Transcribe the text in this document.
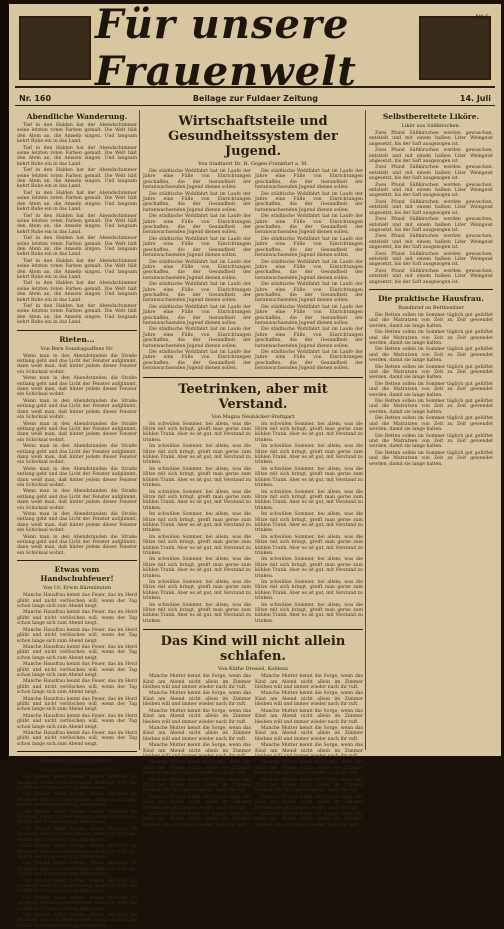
Für unsere Frauenwelt
NILS
Nr. 160	Beilage zur Fuldaer Zeitung	14. Juli
Abendliche Wanderung.

Tief in den Halden hat der Abendschimmer seine letzten roten Farben gemalt. Die Welt hält den Atem an, die Amseln singen. Und langsam kehrt Ruhe ein in das Land.

Tief in den Halden hat der Abendschimmer seine letzten roten Farben gemalt. Die Welt hält den Atem an, die Amseln singen. Und langsam kehrt Ruhe ein in das Land.

Tief in den Halden hat der Abendschimmer seine letzten roten Farben gemalt. Die Welt hält den Atem an, die Amseln singen. Und langsam kehrt Ruhe ein in das Land.

Tief in den Halden hat der Abendschimmer seine letzten roten Farben gemalt. Die Welt hält den Atem an, die Amseln singen. Und langsam kehrt Ruhe ein in das Land.

Tief in den Halden hat der Abendschimmer seine letzten roten Farben gemalt. Die Welt hält den Atem an, die Amseln singen. Und langsam kehrt Ruhe ein in das Land.

Tief in den Halden hat der Abendschimmer seine letzten roten Farben gemalt. Die Welt hält den Atem an, die Amseln singen. Und langsam kehrt Ruhe ein in das Land.

Tief in den Halden hat der Abendschimmer seine letzten roten Farben gemalt. Die Welt hält den Atem an, die Amseln singen. Und langsam kehrt Ruhe ein in das Land.

Tief in den Halden hat der Abendschimmer seine letzten roten Farben gemalt. Die Welt hält den Atem an, die Amseln singen. Und langsam kehrt Ruhe ein in das Land.

Tief in den Halden hat der Abendschimmer seine letzten roten Farben gemalt. Die Welt hält den Atem an, die Amseln singen. Und langsam kehrt Ruhe ein in das Land.

Rieten...
Von Bern Sonntagsaffens Nr.

Wenn man in den Abendstunden die Straße entlang geht und das Licht der Fenster aufglimmt, dann weiß man, daß hinter jedem dieser Fenster ein Schicksal wohnt.

Wenn man in den Abendstunden die Straße entlang geht und das Licht der Fenster aufglimmt, dann weiß man, daß hinter jedem dieser Fenster ein Schicksal wohnt.

Wenn man in den Abendstunden die Straße entlang geht und das Licht der Fenster aufglimmt, dann weiß man, daß hinter jedem dieser Fenster ein Schicksal wohnt.

Wenn man in den Abendstunden die Straße entlang geht und das Licht der Fenster aufglimmt, dann weiß man, daß hinter jedem dieser Fenster ein Schicksal wohnt.

Wenn man in den Abendstunden die Straße entlang geht und das Licht der Fenster aufglimmt, dann weiß man, daß hinter jedem dieser Fenster ein Schicksal wohnt.

Wenn man in den Abendstunden die Straße entlang geht und das Licht der Fenster aufglimmt, dann weiß man, daß hinter jedem dieser Fenster ein Schicksal wohnt.

Wenn man in den Abendstunden die Straße entlang geht und das Licht der Fenster aufglimmt, dann weiß man, daß hinter jedem dieser Fenster ein Schicksal wohnt.

Wenn man in den Abendstunden die Straße entlang geht und das Licht der Fenster aufglimmt, dann weiß man, daß hinter jedem dieser Fenster ein Schicksal wohnt.

Wenn man in den Abendstunden die Straße entlang geht und das Licht der Fenster aufglimmt, dann weiß man, daß hinter jedem dieser Fenster ein Schicksal wohnt.

Etwas vom Handschuhfeuer!
Von Ur. Erwin Bärenleuten

Manche Hausfrau kennt das Feuer, das im Herd glüht und nicht verlöschen will, wenn der Tag schon lange sich zum Abend neigt.

Manche Hausfrau kennt das Feuer, das im Herd glüht und nicht verlöschen will, wenn der Tag schon lange sich zum Abend neigt.

Manche Hausfrau kennt das Feuer, das im Herd glüht und nicht verlöschen will, wenn der Tag schon lange sich zum Abend neigt.

Manche Hausfrau kennt das Feuer, das im Herd glüht und nicht verlöschen will, wenn der Tag schon lange sich zum Abend neigt.

Manche Hausfrau kennt das Feuer, das im Herd glüht und nicht verlöschen will, wenn der Tag schon lange sich zum Abend neigt.

Manche Hausfrau kennt das Feuer, das im Herd glüht und nicht verlöschen will, wenn der Tag schon lange sich zum Abend neigt.

Manche Hausfrau kennt das Feuer, das im Herd glüht und nicht verlöschen will, wenn der Tag schon lange sich zum Abend neigt.

Manche Hausfrau kennt das Feuer, das im Herd glüht und nicht verlöschen will, wenn der Tag schon lange sich zum Abend neigt.

Manche Hausfrau kennt das Feuer, das im Herd glüht und nicht verlöschen will, wenn der Tag schon lange sich zum Abend neigt.

Kinder-Aufgaben.
Von Ilse Baumgartner-Beeck

Die Kinder sollen lernen, kleine Arbeiten im Haushalt selbst zu übernehmen, damit sie früh das Gefühl der Verantwortung bekommen.

Die Kinder sollen lernen, kleine Arbeiten im Haushalt selbst zu übernehmen, damit sie früh das Gefühl der Verantwortung bekommen.

Die Kinder sollen lernen, kleine Arbeiten im Haushalt selbst zu übernehmen, damit sie früh das Gefühl der Verantwortung bekommen.

Die Kinder sollen lernen, kleine Arbeiten im Haushalt selbst zu übernehmen, damit sie früh das Gefühl der Verantwortung bekommen.

Die Kinder sollen lernen, kleine Arbeiten im Haushalt selbst zu übernehmen, damit sie früh das Gefühl der Verantwortung bekommen.

Die Kinder sollen lernen, kleine Arbeiten im Haushalt selbst zu übernehmen, damit sie früh das Gefühl der Verantwortung bekommen.

Die Kinder sollen lernen, kleine Arbeiten im Haushalt selbst zu übernehmen, damit sie früh das Gefühl der Verantwortung bekommen.

Die Kinder sollen lernen, kleine Arbeiten im Haushalt selbst zu übernehmen, damit sie früh das Gefühl der Verantwortung bekommen.

Die Kinder sollen lernen, kleine Arbeiten im Haushalt selbst zu übernehmen, damit sie früh das Gefühl der Verantwortung bekommen.

Wirtschaftsteile und Gesundheitssystem der Jugend.
Von Stadtarzt Dr. H. Gogen-Frankfurt a. M.

Die städtische Wohlfahrt hat im Laufe der Jahre eine Fülle von Einrichtungen geschaffen, die der Gesundheit der heranwachsenden Jugend dienen sollen.

Die städtische Wohlfahrt hat im Laufe der Jahre eine Fülle von Einrichtungen geschaffen, die der Gesundheit der heranwachsenden Jugend dienen sollen.

Die städtische Wohlfahrt hat im Laufe der Jahre eine Fülle von Einrichtungen geschaffen, die der Gesundheit der heranwachsenden Jugend dienen sollen.

Die städtische Wohlfahrt hat im Laufe der Jahre eine Fülle von Einrichtungen geschaffen, die der Gesundheit der heranwachsenden Jugend dienen sollen.

Die städtische Wohlfahrt hat im Laufe der Jahre eine Fülle von Einrichtungen geschaffen, die der Gesundheit der heranwachsenden Jugend dienen sollen.

Die städtische Wohlfahrt hat im Laufe der Jahre eine Fülle von Einrichtungen geschaffen, die der Gesundheit der heranwachsenden Jugend dienen sollen.

Die städtische Wohlfahrt hat im Laufe der Jahre eine Fülle von Einrichtungen geschaffen, die der Gesundheit der heranwachsenden Jugend dienen sollen.

Die städtische Wohlfahrt hat im Laufe der Jahre eine Fülle von Einrichtungen geschaffen, die der Gesundheit der heranwachsenden Jugend dienen sollen.

Die städtische Wohlfahrt hat im Laufe der Jahre eine Fülle von Einrichtungen geschaffen, die der Gesundheit der heranwachsenden Jugend dienen sollen.

Die städtische Wohlfahrt hat im Laufe der Jahre eine Fülle von Einrichtungen geschaffen, die der Gesundheit der heranwachsenden Jugend dienen sollen.

Die städtische Wohlfahrt hat im Laufe der Jahre eine Fülle von Einrichtungen geschaffen, die der Gesundheit der heranwachsenden Jugend dienen sollen.

Die städtische Wohlfahrt hat im Laufe der Jahre eine Fülle von Einrichtungen geschaffen, die der Gesundheit der heranwachsenden Jugend dienen sollen.

Die städtische Wohlfahrt hat im Laufe der Jahre eine Fülle von Einrichtungen geschaffen, die der Gesundheit der heranwachsenden Jugend dienen sollen.

Die städtische Wohlfahrt hat im Laufe der Jahre eine Fülle von Einrichtungen geschaffen, die der Gesundheit der heranwachsenden Jugend dienen sollen.

Die städtische Wohlfahrt hat im Laufe der Jahre eine Fülle von Einrichtungen geschaffen, die der Gesundheit der heranwachsenden Jugend dienen sollen.

Die städtische Wohlfahrt hat im Laufe der Jahre eine Fülle von Einrichtungen geschaffen, die der Gesundheit der heranwachsenden Jugend dienen sollen.

Die städtische Wohlfahrt hat im Laufe der Jahre eine Fülle von Einrichtungen geschaffen, die der Gesundheit der heranwachsenden Jugend dienen sollen.

Die städtische Wohlfahrt hat im Laufe der Jahre eine Fülle von Einrichtungen geschaffen, die der Gesundheit der heranwachsenden Jugend dienen sollen.

Teetrinken, aber mit Verstand.
Von Magna Neubäcker-Stuttgart

Im schwülen Sommer, bei allem, was die Hitze mit sich bringt, greift man gerne zum kühlen Trank. Aber es ist gut, mit Verstand zu trinken.

Im schwülen Sommer, bei allem, was die Hitze mit sich bringt, greift man gerne zum kühlen Trank. Aber es ist gut, mit Verstand zu trinken.

Im schwülen Sommer, bei allem, was die Hitze mit sich bringt, greift man gerne zum kühlen Trank. Aber es ist gut, mit Verstand zu trinken.

Im schwülen Sommer, bei allem, was die Hitze mit sich bringt, greift man gerne zum kühlen Trank. Aber es ist gut, mit Verstand zu trinken.

Im schwülen Sommer, bei allem, was die Hitze mit sich bringt, greift man gerne zum kühlen Trank. Aber es ist gut, mit Verstand zu trinken.

Im schwülen Sommer, bei allem, was die Hitze mit sich bringt, greift man gerne zum kühlen Trank. Aber es ist gut, mit Verstand zu trinken.

Im schwülen Sommer, bei allem, was die Hitze mit sich bringt, greift man gerne zum kühlen Trank. Aber es ist gut, mit Verstand zu trinken.

Im schwülen Sommer, bei allem, was die Hitze mit sich bringt, greift man gerne zum kühlen Trank. Aber es ist gut, mit Verstand zu trinken.

Im schwülen Sommer, bei allem, was die Hitze mit sich bringt, greift man gerne zum kühlen Trank. Aber es ist gut, mit Verstand zu trinken.

Im schwülen Sommer, bei allem, was die Hitze mit sich bringt, greift man gerne zum kühlen Trank. Aber es ist gut, mit Verstand zu trinken.

Im schwülen Sommer, bei allem, was die Hitze mit sich bringt, greift man gerne zum kühlen Trank. Aber es ist gut, mit Verstand zu trinken.

Im schwülen Sommer, bei allem, was die Hitze mit sich bringt, greift man gerne zum kühlen Trank. Aber es ist gut, mit Verstand zu trinken.

Im schwülen Sommer, bei allem, was die Hitze mit sich bringt, greift man gerne zum kühlen Trank. Aber es ist gut, mit Verstand zu trinken.

Im schwülen Sommer, bei allem, was die Hitze mit sich bringt, greift man gerne zum kühlen Trank. Aber es ist gut, mit Verstand zu trinken.

Im schwülen Sommer, bei allem, was die Hitze mit sich bringt, greift man gerne zum kühlen Trank. Aber es ist gut, mit Verstand zu trinken.

Im schwülen Sommer, bei allem, was die Hitze mit sich bringt, greift man gerne zum kühlen Trank. Aber es ist gut, mit Verstand zu trinken.

Im schwülen Sommer, bei allem, was die Hitze mit sich bringt, greift man gerne zum kühlen Trank. Aber es ist gut, mit Verstand zu trinken.

Im schwülen Sommer, bei allem, was die Hitze mit sich bringt, greift man gerne zum kühlen Trank. Aber es ist gut, mit Verstand zu trinken.

Das Kind will nicht allein schlafen.
Von Käthe Dressel, Koblenz

Manche Mutter kennt die Sorge, wenn das Kind am Abend nicht allein im Zimmer bleiben will und immer wieder nach ihr ruft.

Manche Mutter kennt die Sorge, wenn das Kind am Abend nicht allein im Zimmer bleiben will und immer wieder nach ihr ruft.

Manche Mutter kennt die Sorge, wenn das Kind am Abend nicht allein im Zimmer bleiben will und immer wieder nach ihr ruft.

Manche Mutter kennt die Sorge, wenn das Kind am Abend nicht allein im Zimmer bleiben will und immer wieder nach ihr ruft.

Manche Mutter kennt die Sorge, wenn das Kind am Abend nicht allein im Zimmer bleiben will und immer wieder nach ihr ruft.

Manche Mutter kennt die Sorge, wenn das Kind am Abend nicht allein im Zimmer bleiben will und immer wieder nach ihr ruft.

Manche Mutter kennt die Sorge, wenn das Kind am Abend nicht allein im Zimmer bleiben will und immer wieder nach ihr ruft.

Manche Mutter kennt die Sorge, wenn das Kind am Abend nicht allein im Zimmer bleiben will und immer wieder nach ihr ruft.

Manche Mutter kennt die Sorge, wenn das Kind am Abend nicht allein im Zimmer bleiben will und immer wieder nach ihr ruft.

Manche Mutter kennt die Sorge, wenn das Kind am Abend nicht allein im Zimmer bleiben will und immer wieder nach ihr ruft.

Manche Mutter kennt die Sorge, wenn das Kind am Abend nicht allein im Zimmer bleiben will und immer wieder nach ihr ruft.

Manche Mutter kennt die Sorge, wenn das Kind am Abend nicht allein im Zimmer bleiben will und immer wieder nach ihr ruft.

Manche Mutter kennt die Sorge, wenn das Kind am Abend nicht allein im Zimmer bleiben will und immer wieder nach ihr ruft.

Manche Mutter kennt die Sorge, wenn das Kind am Abend nicht allein im Zimmer bleiben will und immer wieder nach ihr ruft.

Manche Mutter kennt die Sorge, wenn das Kind am Abend nicht allein im Zimmer bleiben will und immer wieder nach ihr ruft.

Manche Mutter kennt die Sorge, wenn das Kind am Abend nicht allein im Zimmer bleiben will und immer wieder nach ihr ruft.

Manche Mutter kennt die Sorge, wenn das Kind am Abend nicht allein im Zimmer bleiben will und immer wieder nach ihr ruft.

Manche Mutter kennt die Sorge, wenn das Kind am Abend nicht allein im Zimmer bleiben will und immer wieder nach ihr ruft.

Selbstbereitete Liköre.
Likör aus Süßkirschen.

Zwei Pfund Süßkirschen werden gewaschen, entstielt und mit einem halben Liter Weingeist angesetzt, bis der Saft ausgezogen ist.

Zwei Pfund Süßkirschen werden gewaschen, entstielt und mit einem halben Liter Weingeist angesetzt, bis der Saft ausgezogen ist.

Zwei Pfund Süßkirschen werden gewaschen, entstielt und mit einem halben Liter Weingeist angesetzt, bis der Saft ausgezogen ist.

Zwei Pfund Süßkirschen werden gewaschen, entstielt und mit einem halben Liter Weingeist angesetzt, bis der Saft ausgezogen ist.

Zwei Pfund Süßkirschen werden gewaschen, entstielt und mit einem halben Liter Weingeist angesetzt, bis der Saft ausgezogen ist.

Zwei Pfund Süßkirschen werden gewaschen, entstielt und mit einem halben Liter Weingeist angesetzt, bis der Saft ausgezogen ist.

Zwei Pfund Süßkirschen werden gewaschen, entstielt und mit einem halben Liter Weingeist angesetzt, bis der Saft ausgezogen ist.

Zwei Pfund Süßkirschen werden gewaschen, entstielt und mit einem halben Liter Weingeist angesetzt, bis der Saft ausgezogen ist.

Zwei Pfund Süßkirschen werden gewaschen, entstielt und mit einem halben Liter Weingeist angesetzt, bis der Saft ausgezogen ist.

Die praktische Hausfrau.
Rundbrief an Bettbesitzer

Die Betten sollen im Sommer täglich gut gelüftet und die Matratzen von Zeit zu Zeit gewendet werden, damit sie lange halten.

Die Betten sollen im Sommer täglich gut gelüftet und die Matratzen von Zeit zu Zeit gewendet werden, damit sie lange halten.

Die Betten sollen im Sommer täglich gut gelüftet und die Matratzen von Zeit zu Zeit gewendet werden, damit sie lange halten.

Die Betten sollen im Sommer täglich gut gelüftet und die Matratzen von Zeit zu Zeit gewendet werden, damit sie lange halten.

Die Betten sollen im Sommer täglich gut gelüftet und die Matratzen von Zeit zu Zeit gewendet werden, damit sie lange halten.

Die Betten sollen im Sommer täglich gut gelüftet und die Matratzen von Zeit zu Zeit gewendet werden, damit sie lange halten.

Die Betten sollen im Sommer täglich gut gelüftet und die Matratzen von Zeit zu Zeit gewendet werden, damit sie lange halten.

Die Betten sollen im Sommer täglich gut gelüftet und die Matratzen von Zeit zu Zeit gewendet werden, damit sie lange halten.

Die Betten sollen im Sommer täglich gut gelüftet und die Matratzen von Zeit zu Zeit gewendet werden, damit sie lange halten.
